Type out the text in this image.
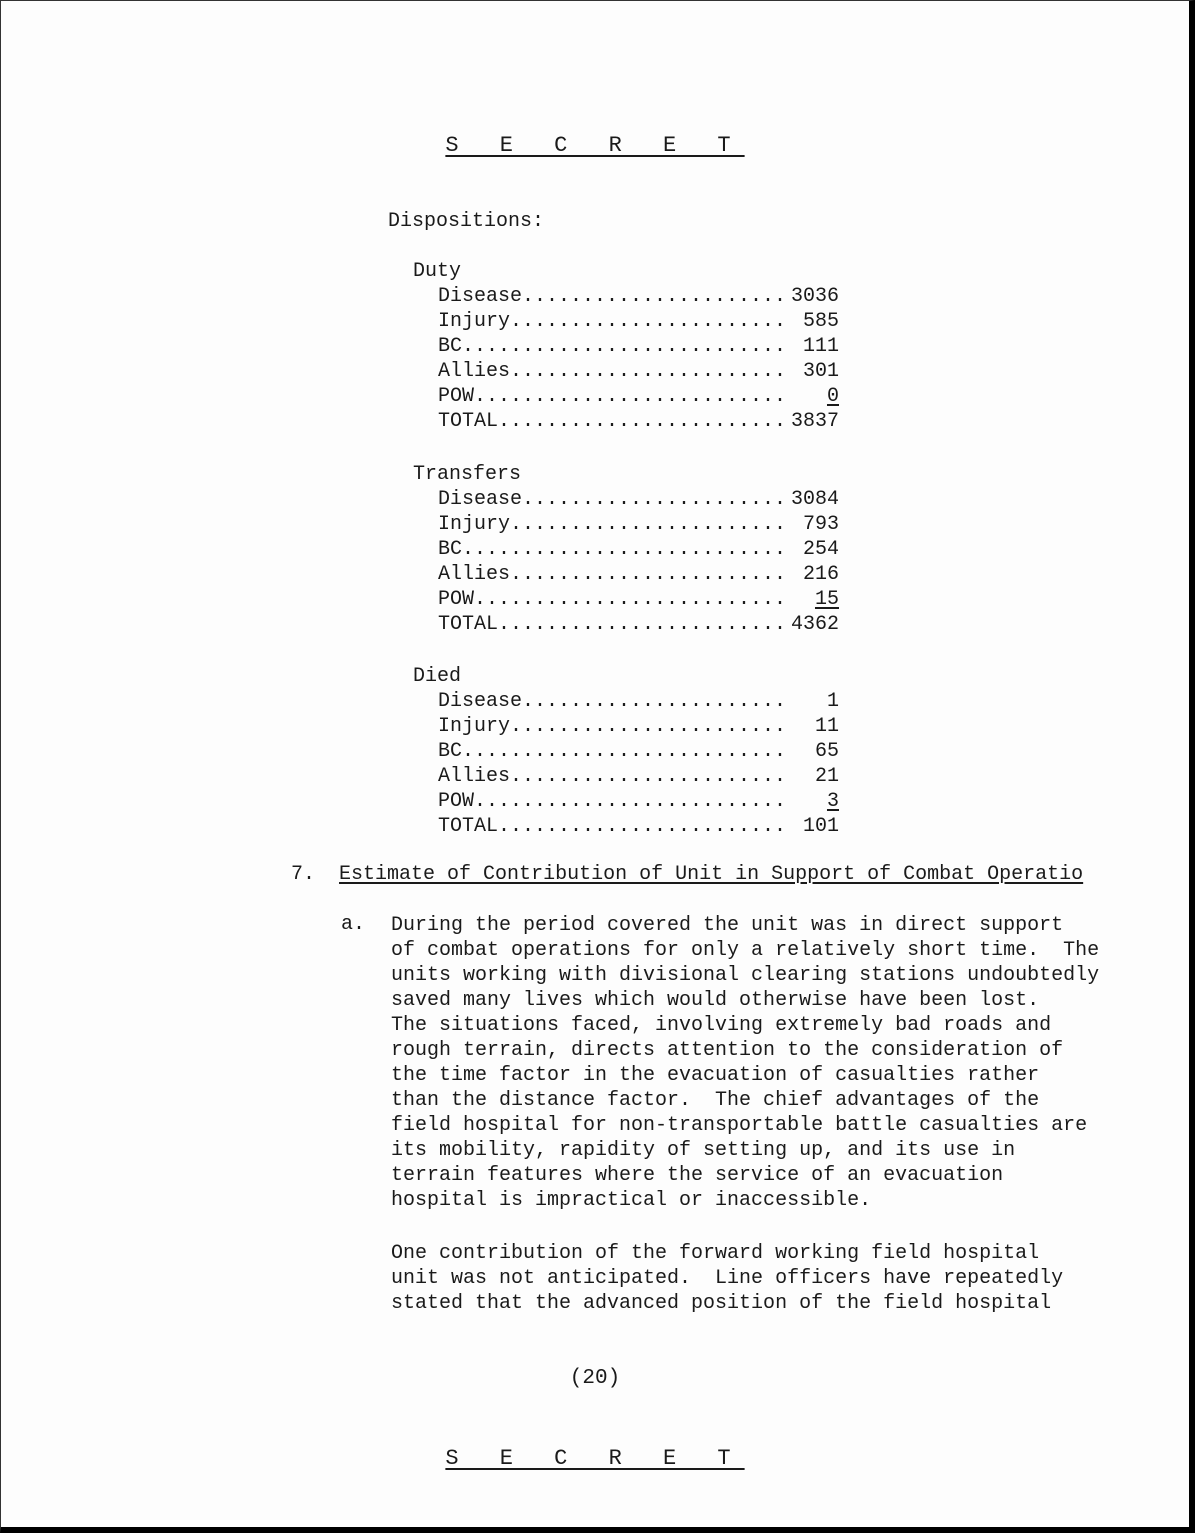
S E C R E T
Dispositions:
Duty
Disease...................... 3036
Injury....................... 585
BC........................... 111
Allies....................... 301
POW.......................... 0
TOTAL........................ 3837
Transfers
Disease...................... 3084
Injury....................... 793
BC........................... 254
Allies....................... 216
POW.......................... 15
TOTAL........................ 4362
Died
Disease...................... 1
Injury....................... 11
BC........................... 65
Allies....................... 21
POW.......................... 3
TOTAL........................ 101
7. Estimate of Contribution of Unit in Support of Combat Operatio
a. During the period covered the unit was in direct support
of combat operations for only a relatively short time.  The
units working with divisional clearing stations undoubtedly
saved many lives which would otherwise have been lost.
The situations faced, involving extremely bad roads and
rough terrain, directs attention to the consideration of
the time factor in the evacuation of casualties rather
than the distance factor.  The chief advantages of the
field hospital for non-transportable battle casualties are
its mobility, rapidity of setting up, and its use in
terrain features where the service of an evacuation
hospital is impractical or inaccessible.
One contribution of the forward working field hospital
unit was not anticipated.  Line officers have repeatedly
stated that the advanced position of the field hospital
(20)
S E C R E T
